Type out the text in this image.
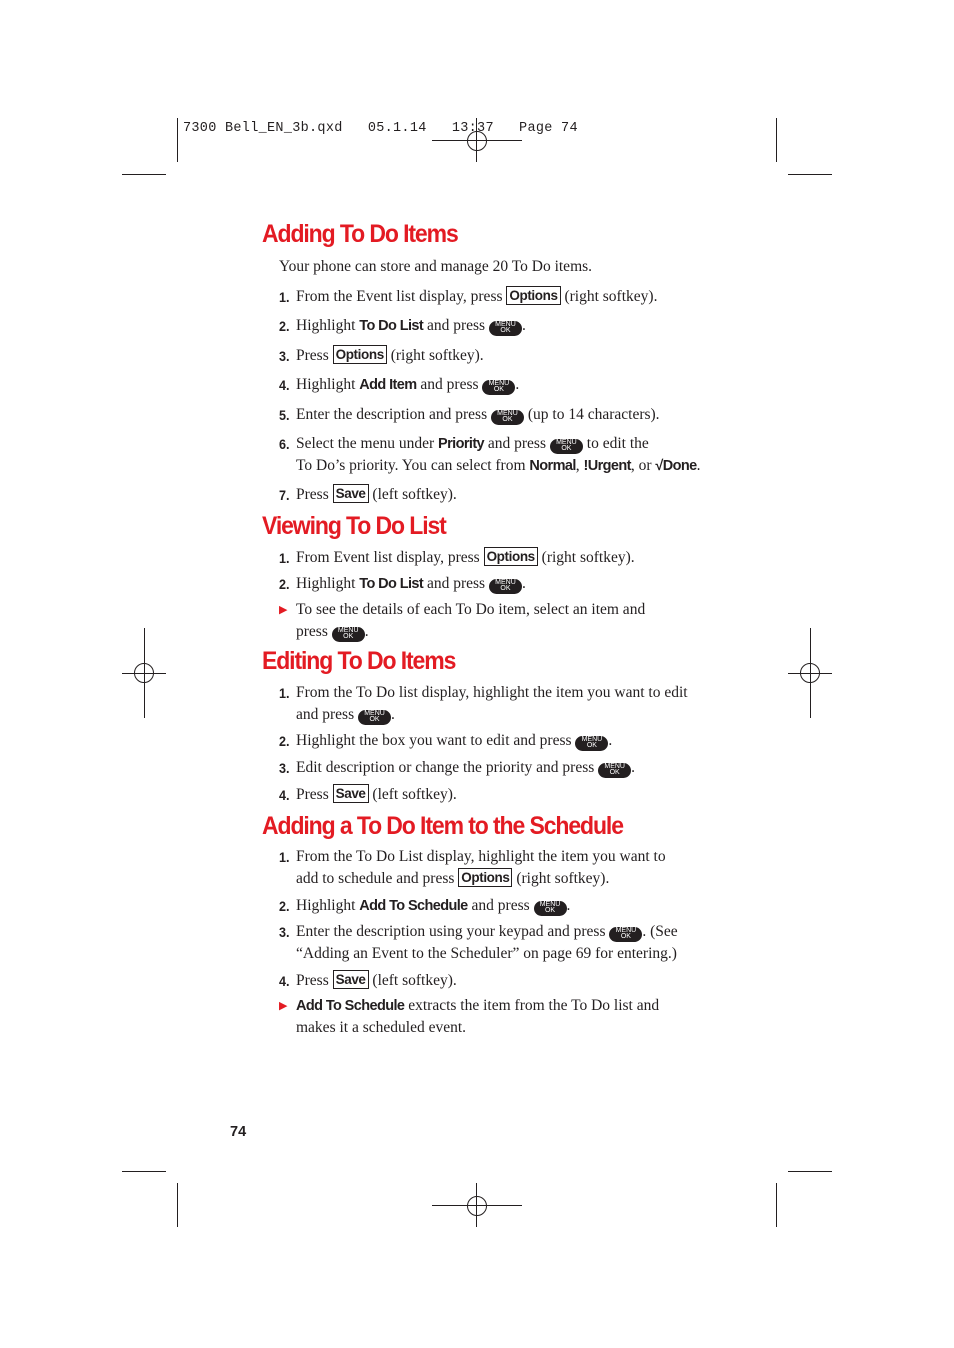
7300 Bell_EN_3b.qxd   05.1.14   13:37   Page 74
Adding To Do Items
Your phone can store and manage 20 To Do items.
1. From the Event list display, press Options (right softkey).
2. Highlight To Do List and press MENU
OK .
3. Press Options (right softkey).
4. Highlight Add Item and press MENU
OK .
5. Enter the description and press MENU
OK (up to 14 characters).
6. Select the menu under Priority and press MENU
OK to edit the
To Do’s priority. You can select from Normal, !Urgent, or √Done.
7. Press Save (left softkey).
Viewing To Do List
1. From Event list display, press Options (right softkey).
2. Highlight To Do List and press MENU
OK .
▶ To see the details of each To Do item, select an item and
press MENU
OK .
Editing To Do Items
1. From the To Do list display, highlight the item you want to edit
and press MENU
OK .
2. Highlight the box you want to edit and press MENU
OK .
3. Edit description or change the priority and press MENU
OK .
4. Press Save (left softkey).
Adding a To Do Item to the Schedule
1. From the To Do List display, highlight the item you want to
add to schedule and press Options (right softkey).
2. Highlight Add To Schedule and press MENU
OK .
3. Enter the description using your keypad and press MENU
OK . (See
“Adding an Event to the Scheduler” on page 69 for entering.)
4. Press Save (left softkey).
▶ Add To Schedule extracts the item from the To Do list and
makes it a scheduled event.
74
